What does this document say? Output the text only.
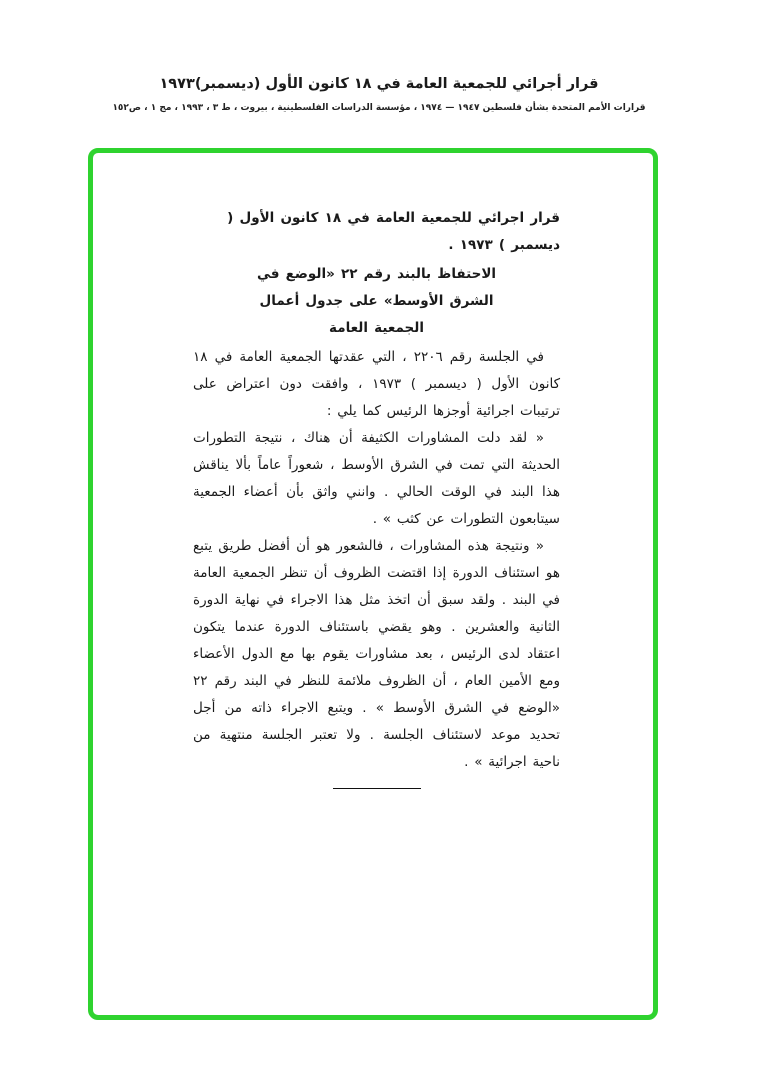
قرار أجرائي للجمعية العامة في ١٨ كانون الأول (ديسمبر)١٩٧٣
قرارات الأمم المتحدة بشأن فلسطين ١٩٤٧ — ١٩٧٤ ، مؤسسة الدراسات الفلسطينية ، بيروت ، ط ٣ ، ١٩٩٣ ، مج ١ ، ص١٥٢

قرار اجرائي للجمعية العامة في ١٨ كانون الأول ( ديسمبر ) ١٩٧٣ .

الاحتفاظ بالبند رقم ٢٢ «الوضع في
الشرق الأوسط» على جدول أعمال
الجمعية العامة

في الجلسة رقم ٢٢٠٦ ، التي عقدتها الجمعية العامة في ١٨ كانون الأول ( ديسمبر ) ١٩٧٣ ، وافقت دون اعتراض على ترتيبات اجرائية أوجزها الرئيس كما يلي :

« لقد دلت المشاورات الكثيفة أن هناك ، نتيجة التطورات الحديثة التي تمت في الشرق الأوسط ، شعوراً عاماً بألا يناقش هذا البند في الوقت الحالي . وانني واثق بأن أعضاء الجمعية سيتابعون التطورات عن كثب » .

« ونتيجة هذه المشاورات ، فالشعور هو أن أفضل طريق يتبع هو استئناف الدورة إذا اقتضت الظروف أن تنظر الجمعية العامة في البند . ولقد سبق أن اتخذ مثل هذا الاجراء في نهاية الدورة الثانية والعشرين . وهو يقضي باستئناف الدورة عندما يتكون اعتقاد لدى الرئيس ، بعد مشاورات يقوم بها مع الدول الأعضاء ومع الأمين العام ، أن الظروف ملائمة للنظر في البند رقم ٢٢ «الوضع في الشرق الأوسط » . ويتبع الاجراء ذاته من أجل تحديد موعد لاستئناف الجلسة . ولا تعتبر الجلسة منتهية من ناحية اجرائية » .
